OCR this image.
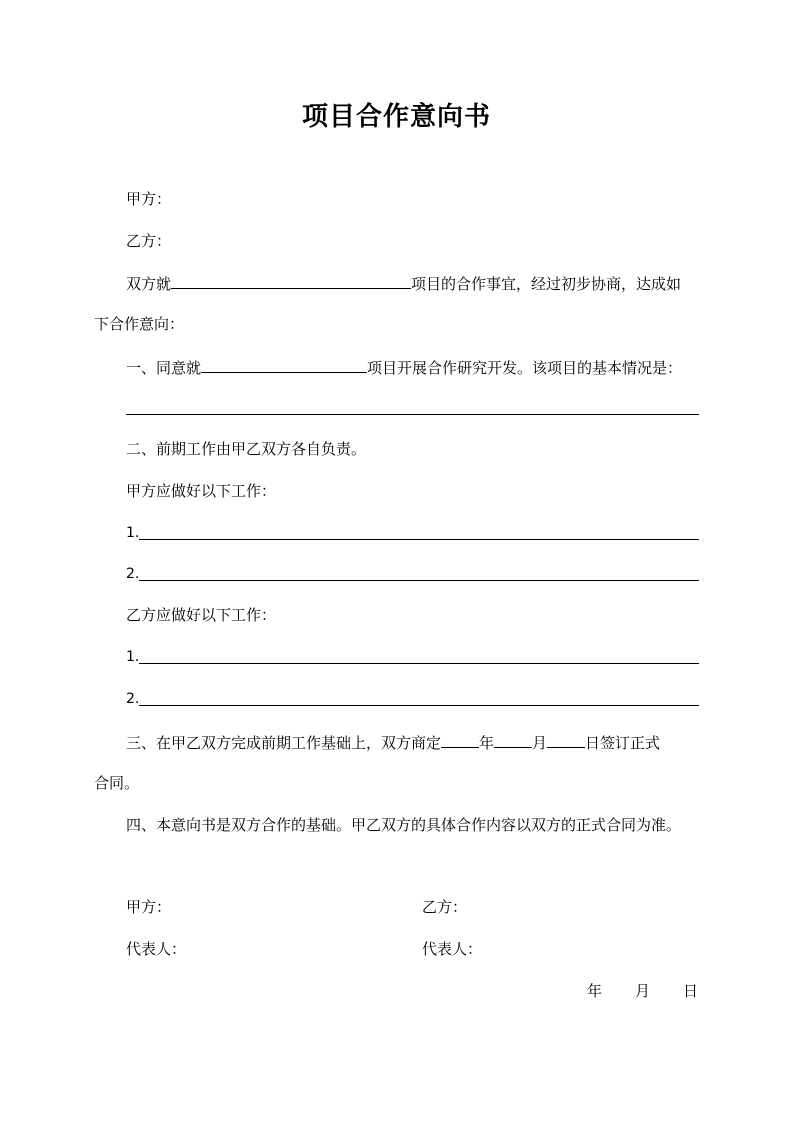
项目合作意向书
甲方：
乙方：
双方就	项目的合作事宜，经过初步协商，达成如
下合作意向：
一、同意就	项目开展合作研究开发。该项目的基本情况是：
二、前期工作由甲乙双方各自负责。
甲方应做好以下工作：
1.
2.
乙方应做好以下工作：
1.
2.
三、在甲乙双方完成前期工作基础上，双方商定	年	月	日签订正式
合同。
四、本意向书是双方合作的基础。甲乙双方的具体合作内容以双方的正式合同为准。
甲方：	乙方：
代表人：	代表人：
年 月 日
